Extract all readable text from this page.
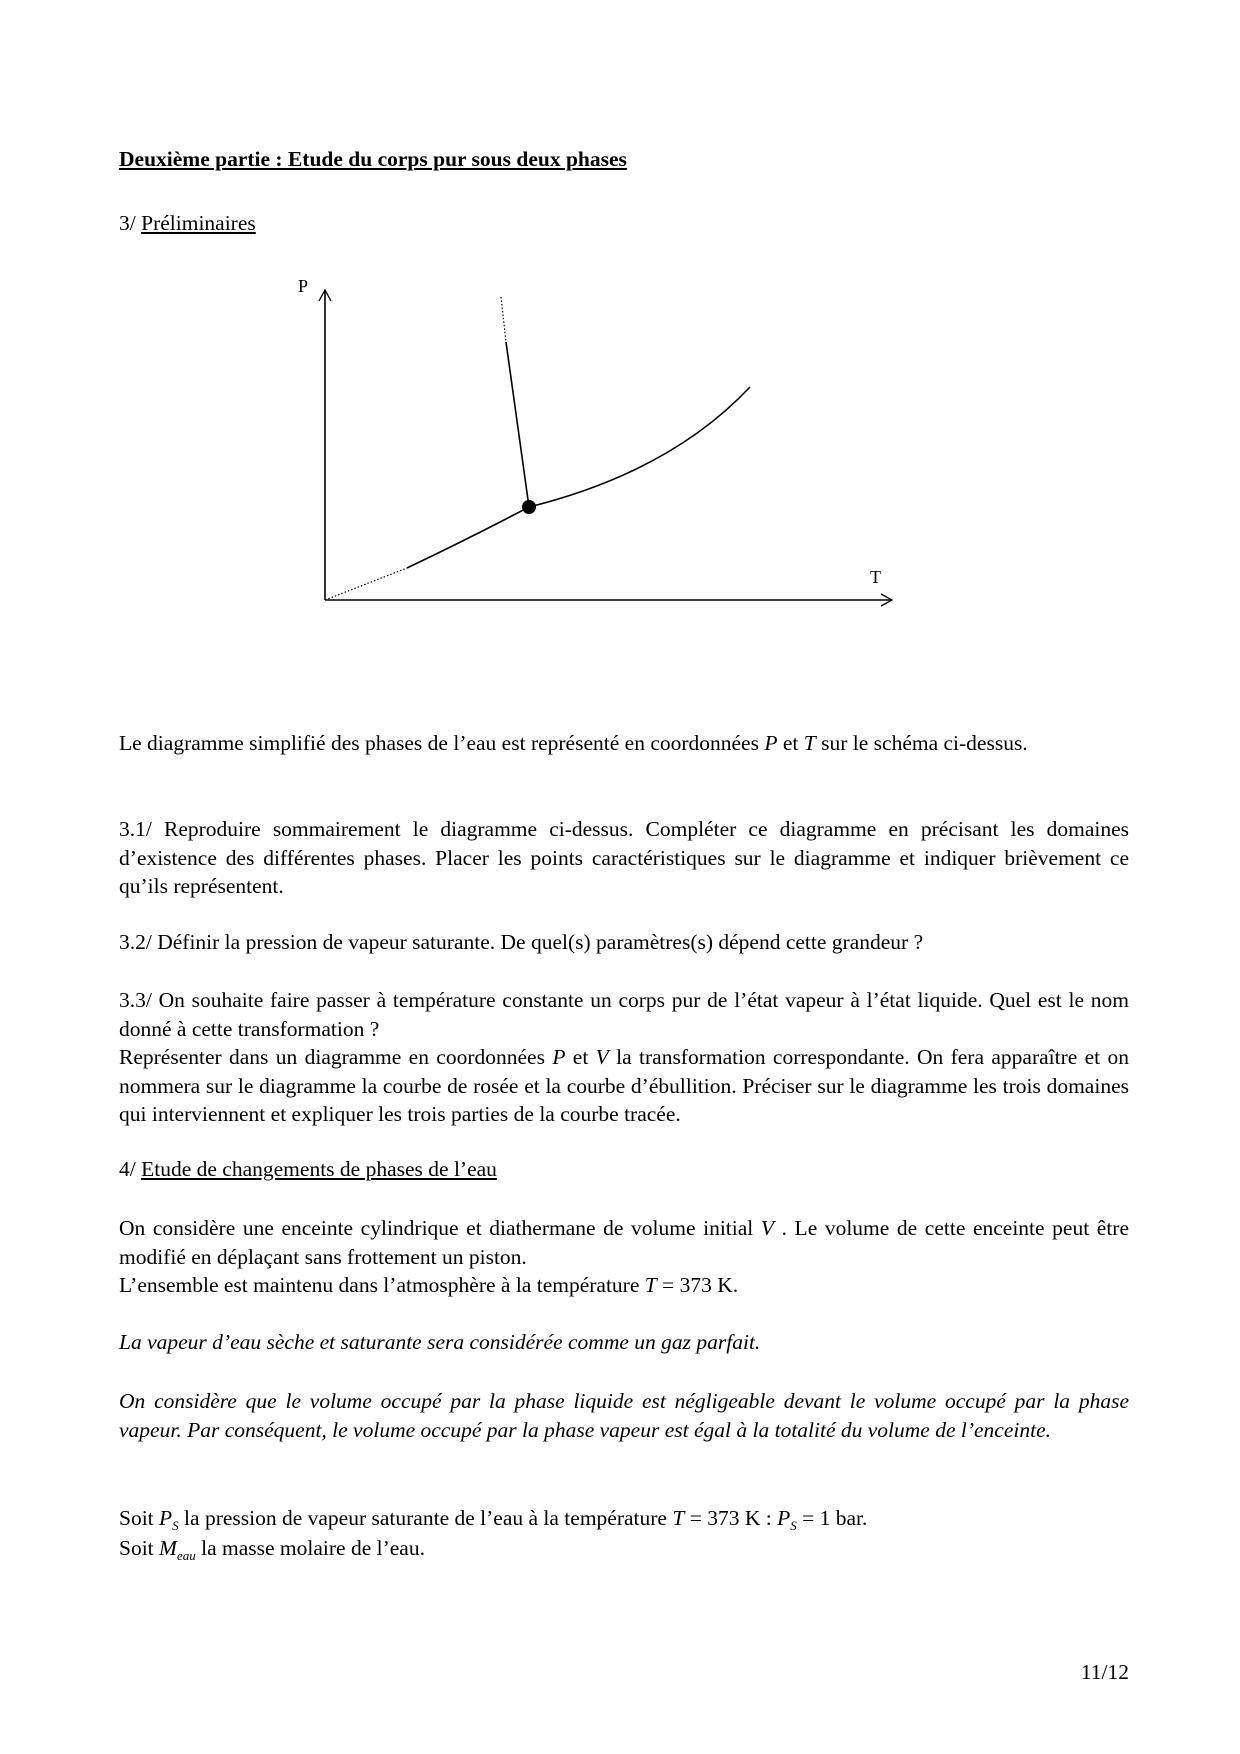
Deuxième partie : Etude du corps pur sous deux phases

3/ Préliminaires

P
T

Le diagramme simplifié des phases de l’eau est représenté en coordonnées P et T sur le schéma ci-dessus.

3.1/ Reproduire sommairement le diagramme ci-dessus. Compléter ce diagramme en précisant les domaines d’existence des différentes phases. Placer les points caractéristiques sur le diagramme et indiquer brièvement ce qu’ils représentent.

3.2/ Définir la pression de vapeur saturante. De quel(s) paramètres(s) dépend cette grandeur ?

3.3/ On souhaite faire passer à température constante un corps pur de l’état vapeur à l’état liquide. Quel est le nom donné à cette transformation ?
Représenter dans un diagramme en coordonnées P et V la transformation correspondante. On fera apparaître et on nommera sur le diagramme la courbe de rosée et la courbe d’ébullition. Préciser sur le diagramme les trois domaines qui interviennent et expliquer les trois parties de la courbe tracée.

4/ Etude de changements de phases de l’eau

On considère une enceinte cylindrique et diathermane de volume initial V . Le volume de cette enceinte peut être modifié en déplaçant sans frottement un piston.
L’ensemble est maintenu dans l’atmosphère à la température T = 373 K.

La vapeur d’eau sèche et saturante sera considérée comme un gaz parfait.

On considère que le volume occupé par la phase liquide est négligeable devant le volume occupé par la phase vapeur. Par conséquent, le volume occupé par la phase vapeur est égal à la totalité du volume de l’enceinte.

Soit $P_S$ la pression de vapeur saturante de l’eau à la température T = 373 K : $P_S = 1$ bar.

Soit $M_{eau}$ la masse molaire de l’eau.

11/12
